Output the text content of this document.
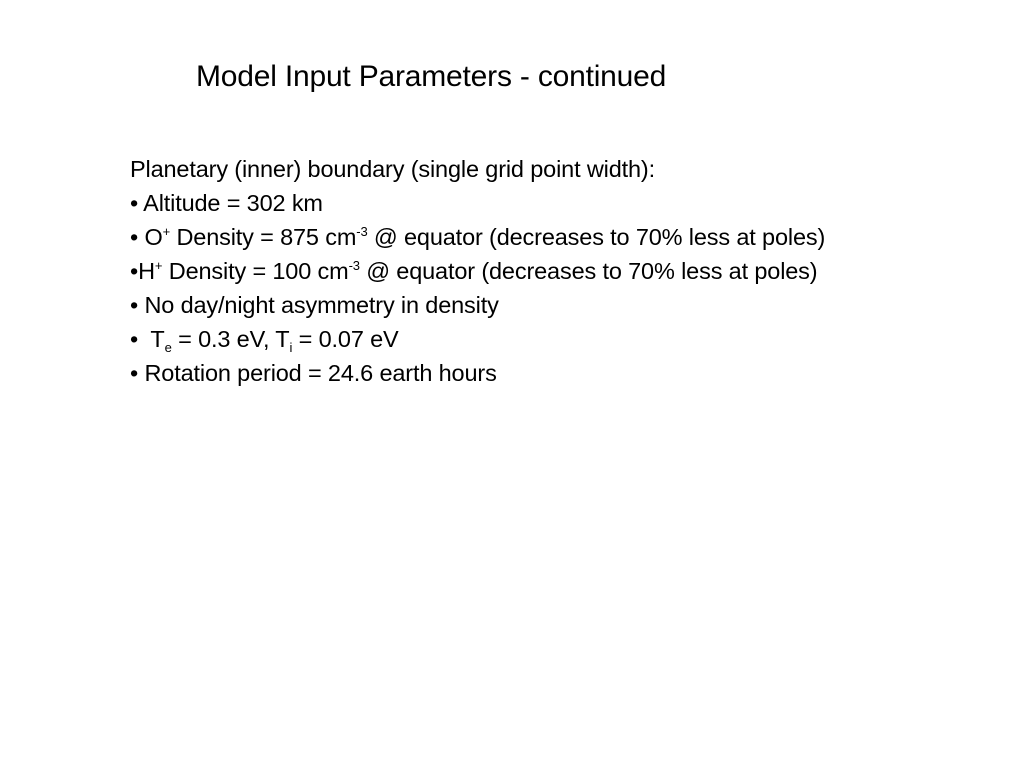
Model Input Parameters - continued
Planetary (inner) boundary (single grid point width):
• Altitude = 302 km
• O+ Density = 875 $cm^{-3}$ @ equator (decreases to 70% less at poles)
•H+ Density = 100 $cm^{-3}$ @ equator (decreases to 70% less at poles)
• No day/night asymmetry in density
• $T_e = 0.3$ eV, $T_i = 0.07$ eV
• Rotation period = 24.6 earth hours
